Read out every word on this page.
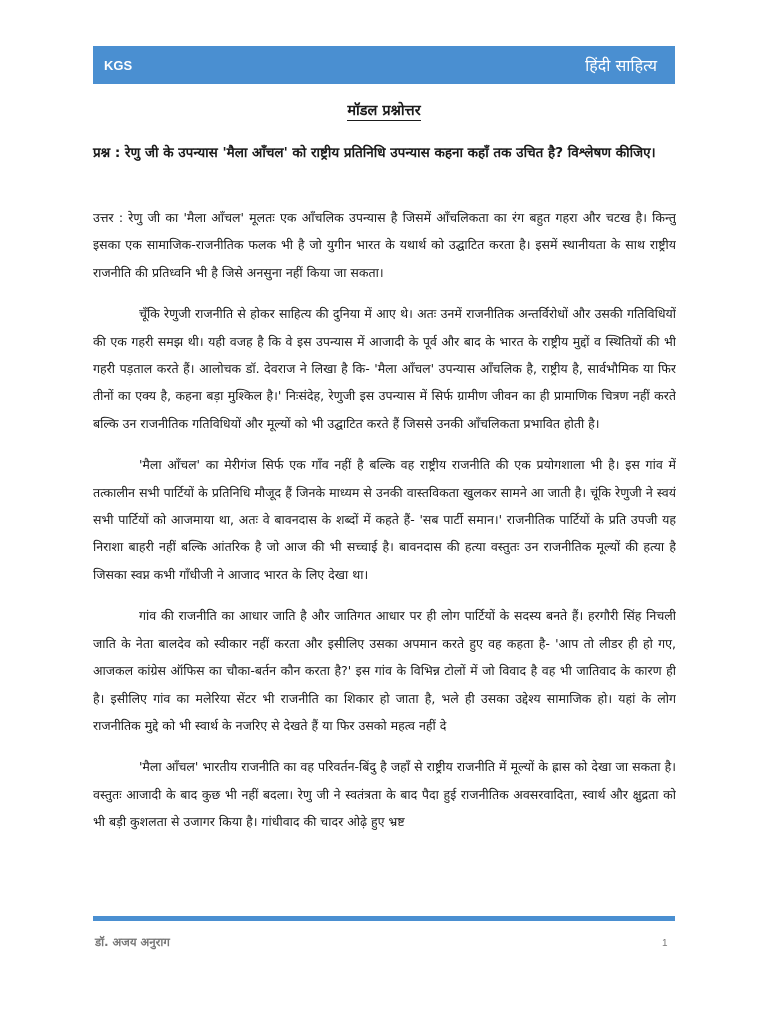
KGS	हिंदी साहित्य
मॉडल प्रश्नोत्तर

प्रश्न : रेणु जी के उपन्यास 'मैला आँचल' को राष्ट्रीय प्रतिनिधि उपन्यास कहना कहाँ तक उचित है? विश्लेषण कीजिए।

उत्तर : रेणु जी का 'मैला आँचल' मूलतः एक आँचलिक उपन्यास है जिसमें आँचलिकता का रंग बहुत गहरा और चटख है। किन्तु इसका एक सामाजिक-राजनीतिक फलक भी है जो युगीन भारत के यथार्थ को उद्घाटित करता है। इसमें स्थानीयता के साथ राष्ट्रीय राजनीति की प्रतिध्वनि भी है जिसे अनसुना नहीं किया जा सकता।

चूँकि रेणुजी राजनीति से होकर साहित्य की दुनिया में आए थे। अतः उनमें राजनीतिक अन्तर्विरोधों और उसकी गतिविधियों की एक गहरी समझ थी। यही वजह है कि वे इस उपन्यास में आजादी के पूर्व और बाद के भारत के राष्ट्रीय मुद्दों व स्थितियों की भी गहरी पड़ताल करते हैं। आलोचक डॉ. देवराज ने लिखा है कि- 'मैला आँचल' उपन्यास आँचलिक है, राष्ट्रीय है, सार्वभौमिक या फिर तीनों का एक्य है, कहना बड़ा मुश्किल है।' निःसंदेह, रेणुजी इस उपन्यास में सिर्फ ग्रामीण जीवन का ही प्रामाणिक चित्रण नहीं करते बल्कि उन राजनीतिक गतिविधियों और मूल्यों को भी उद्घाटित करते हैं जिससे उनकी आँचलिकता प्रभावित होती है।

'मैला आँचल' का मेरीगंज सिर्फ एक गाँव नहीं है बल्कि वह राष्ट्रीय राजनीति की एक प्रयोगशाला भी है। इस गांव में तत्कालीन सभी पार्टियों के प्रतिनिधि मौजूद हैं जिनके माध्यम से उनकी वास्तविकता खुलकर सामने आ जाती है। चूंकि रेणुजी ने स्वयं सभी पार्टियों को आजमाया था, अतः वे बावनदास के शब्दों में कहते हैं- 'सब पार्टी समान।' राजनीतिक पार्टियों के प्रति उपजी यह निराशा बाहरी नहीं बल्कि आंतरिक है जो आज की भी सच्चाई है। बावनदास की हत्या वस्तुतः उन राजनीतिक मूल्यों की हत्या है जिसका स्वप्न कभी गाँधीजी ने आजाद भारत के लिए देखा था।

गांव की राजनीति का आधार जाति है और जातिगत आधार पर ही लोग पार्टियों के सदस्य बनते हैं। हरगौरी सिंह निचली जाति के नेता बालदेव को स्वीकार नहीं करता और इसीलिए उसका अपमान करते हुए वह कहता है- 'आप तो लीडर ही हो गए, आजकल कांग्रेस ऑफिस का चौका-बर्तन कौन करता है?' इस गांव के विभिन्न टोलों में जो विवाद है वह भी जातिवाद के कारण ही है। इसीलिए गांव का मलेरिया सेंटर भी राजनीति का शिकार हो जाता है, भले ही उसका उद्देश्य सामाजिक हो। यहां के लोग राजनीतिक मुद्दे को भी स्वार्थ के नजरिए से देखते हैं या फिर उसको महत्व नहीं दे

'मैला आँचल' भारतीय राजनीति का वह परिवर्तन-बिंदु है जहाँ से राष्ट्रीय राजनीति में मूल्यों के ह्रास को देखा जा सकता है। वस्तुतः आजादी के बाद कुछ भी नहीं बदला। रेणु जी ने स्वतंत्रता के बाद पैदा हुई राजनीतिक अवसरवादिता, स्वार्थ और क्षुद्रता को भी बड़ी कुशलता से उजागर किया है। गांधीवाद की चादर ओढ़े हुए भ्रष्ट

डॉ. अजय अनुराग	1
